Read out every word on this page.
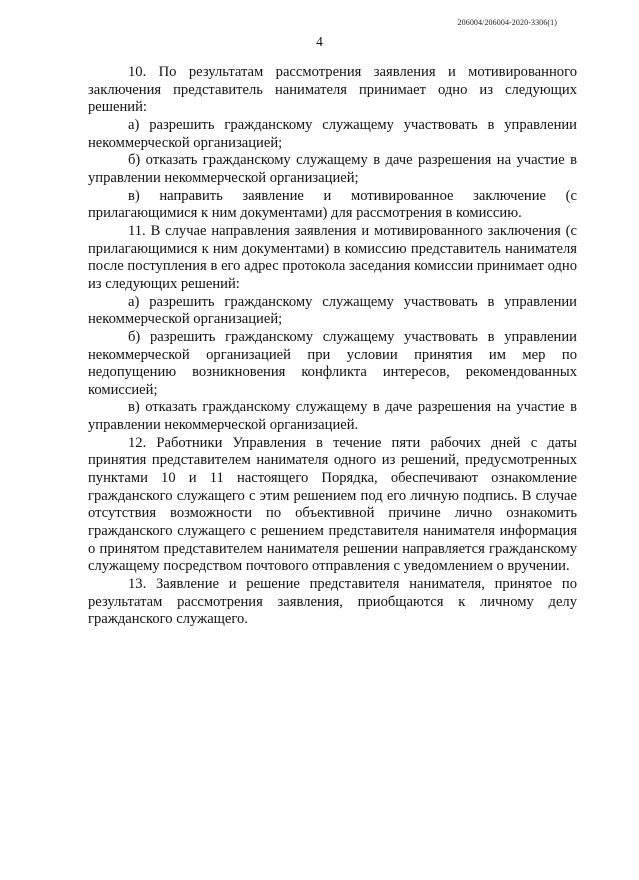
206004/206004-2020-3306(1)
4

10. По результатам рассмотрения заявления и мотивированного заключения представитель нанимателя принимает одно из следующих решений:

а) разрешить гражданскому служащему участвовать в управлении некоммерческой организацией;

б) отказать гражданскому служащему в даче разрешения на участие в управлении некоммерческой организацией;

в) направить заявление и мотивированное заключение (с прилагающимися к ним документами) для рассмотрения в комиссию.

11. В случае направления заявления и мотивированного заключения (с прилагающимися к ним документами) в комиссию представитель нанимателя после поступления в его адрес протокола заседания комиссии принимает одно из следующих решений:

а) разрешить гражданскому служащему участвовать в управлении некоммерческой организацией;

б) разрешить гражданскому служащему участвовать в управлении некоммерческой организацией при условии принятия им мер по недопущению возникновения конфликта интересов, рекомендованных комиссией;

в) отказать гражданскому служащему в даче разрешения на участие в управлении некоммерческой организацией.

12. Работники Управления в течение пяти рабочих дней с даты принятия представителем нанимателя одного из решений, предусмотренных пунктами 10 и 11 настоящего Порядка, обеспечивают ознакомление гражданского служащего с этим решением под его личную подпись. В случае отсутствия возможности по объективной причине лично ознакомить гражданского служащего с решением представителя нанимателя информация о принятом представителем нанимателя решении направляется гражданскому служащему посредством почтового отправления с уведомлением о вручении.

13. Заявление и решение представителя нанимателя, принятое по результатам рассмотрения заявления, приобщаются к личному делу гражданского служащего.
